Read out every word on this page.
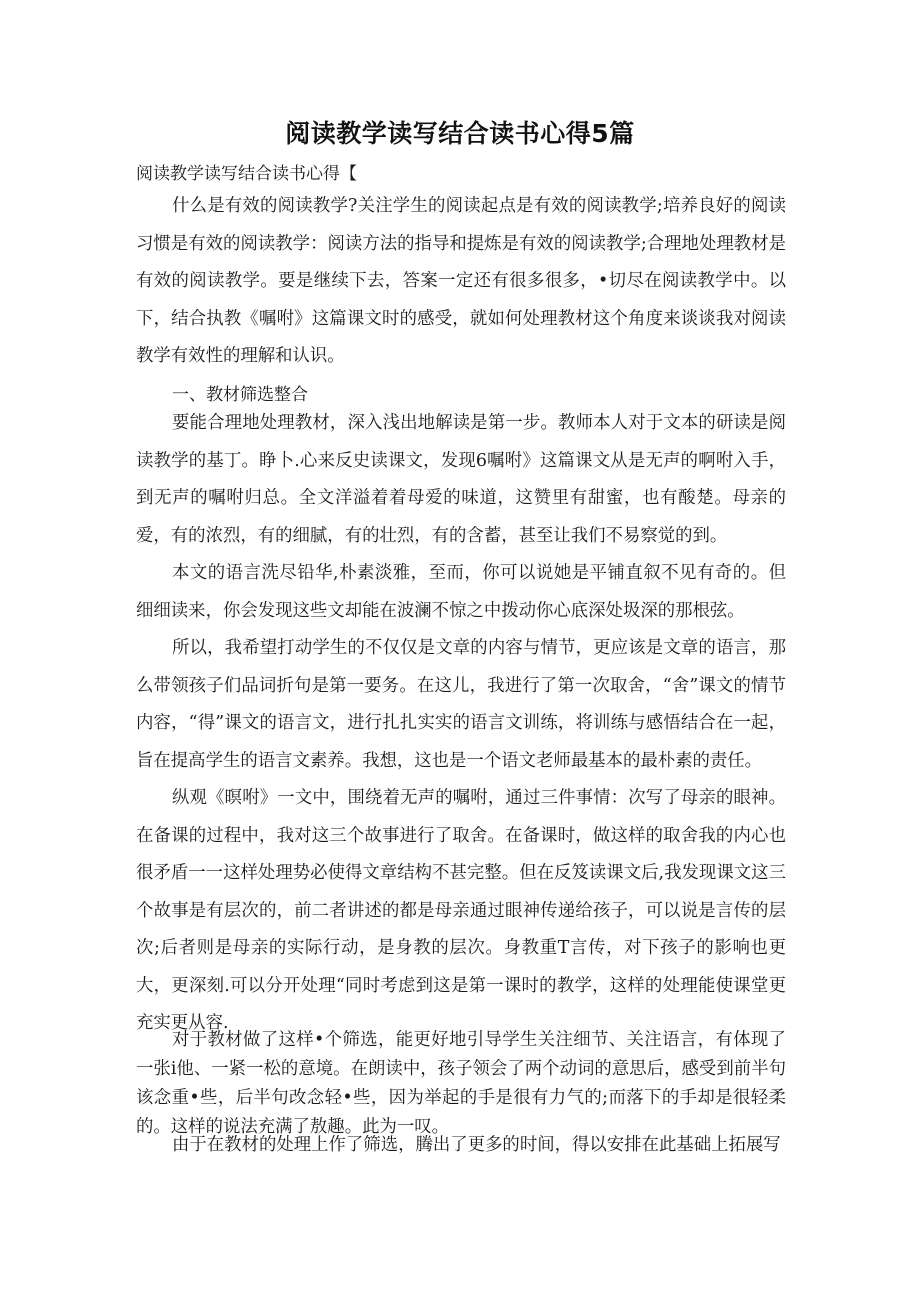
阅读教学读写结合读书心得5篇
阅读教学读写结合读书心得【

什么是有效的阅读教学?关注学生的阅读起点是有效的阅读教学;培养良好的阅读习惯是有效的阅读教学：阅读方法的指导和提炼是有效的阅读教学;合理地处理教材是有效的阅读教学。要是继续下去，答案一定还有很多很多，•切尽在阅读教学中。以下，结合执教《嘱咐》这篇课文时的感受，就如何处理教材这个角度来谈谈我对阅读教学有效性的理解和认识。

一、教材筛选整合

要能合理地处理教材，深入浅出地解读是第一步。教师本人对于文本的研读是阅读教学的基丁。睁卜.心来反史读课文，发现6嘱咐》这篇课文从是无声的啊咐入手，到无声的嘱咐归总。全文洋溢着着母爱的味道，这赞里有甜蜜，也有酸楚。母亲的爱，有的浓烈，有的细腻，有的壮烈，有的含蓄，甚至让我们不易察觉的到。

本文的语言洗尽铅华,朴素淡雅，至而，你可以说她是平铺直叙不见有奇的。但细细读来，你会发现这些文却能在波澜不惊之中拨动你心底深处圾深的那根弦。

所以，我希望打动学生的不仅仅是文章的内容与情节，更应该是文章的语言，那么带领孩子们品词折句是第一要务。在这儿，我进行了第一次取舍，“舍”课文的情节内容，“得”课文的语言文，进行扎扎实实的语言文训练，将训练与感悟结合在一起，旨在提高学生的语言文素养。我想，这也是一个语文老师最基本的最朴素的责任。

纵观《暝咐》一文中，围绕着无声的嘱咐，通过三件事情：次写了母亲的眼神。在备课的过程中，我对这三个故事进行了取舍。在备课时，做这样的取舍我的内心也很矛盾一一这样处理势必使得文章结构不甚完整。但在反笈读课文后,我发现课文这三个故事是有层次的，前二者讲述的都是母亲通过眼神传递给孩子，可以说是言传的层次;后者则是母亲的实际行动，是身教的层次。身教重T言传，对下孩子的影响也更大，更深刻.可以分开处理“同时考虑到这是第一课时的教学，这样的处理能使课堂更充实更从容.

对于教材做了这样•个筛选，能更好地引导学生关注细节、关注语言，有体现了一张i他、一紧一松的意境。在朗读中，孩子领会了两个动词的意思后，感受到前半句该念重•些，后半句改念轻•些，因为举起的手是很有力气的;而落下的手却是很轻柔的。这样的说法充满了敖趣。此为一叹。

由于在教材的处理上作了筛选，腾出了更多的时间，得以安排在此基础上拓展写
